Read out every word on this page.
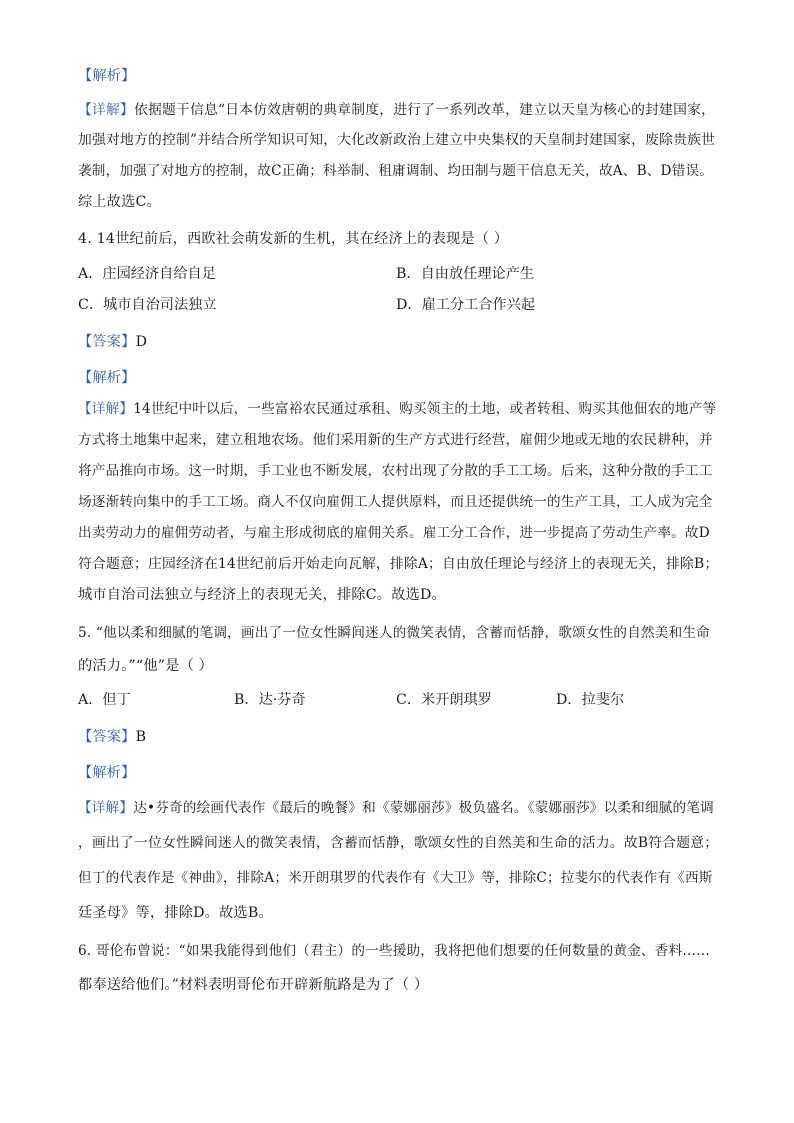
【解析】
【详解】依据题干信息“日本仿效唐朝的典章制度，进行了一系列改革，建立以天皇为核心的封建国家，
加强对地方的控制”并结合所学知识可知，大化改新政治上建立中央集权的天皇制封建国家，废除贵族世
袭制，加强了对地方的控制，故C正确；科举制、租庸调制、均田制与题干信息无关，故A、B、D错误。
综上故选C。
4. 14世纪前后，西欧社会萌发新的生机，其在经济上的表现是（ ）
A．庄园经济自给自足	B．自由放任理论产生
C．城市自治司法独立	D．雇工分工合作兴起
【答案】D
【解析】
【详解】14世纪中叶以后，一些富裕农民通过承租、购买领主的土地，或者转租、购买其他佃农的地产等
方式将土地集中起来，建立租地农场。他们采用新的生产方式进行经营，雇佣少地或无地的农民耕种，并
将产品推向市场。这一时期，手工业也不断发展，农村出现了分散的手工工场。后来，这种分散的手工工
场逐渐转向集中的手工工场。商人不仅向雇佣工人提供原料，而且还提供统一的生产工具，工人成为完全
出卖劳动力的雇佣劳动者，与雇主形成彻底的雇佣关系。雇工分工合作，进一步提高了劳动生产率。故D
符合题意；庄园经济在14世纪前后开始走向瓦解，排除A；自由放任理论与经济上的表现无关，排除B；
城市自治司法独立与经济上的表现无关，排除C。故选D。
5. “他以柔和细腻的笔调，画出了一位女性瞬间迷人的微笑表情，含蓄而恬静，歌颂女性的自然美和生命
的活力。”“他”是（ ）
A．但丁	B．达·芬奇	C．米开朗琪罗	D．拉斐尔
【答案】B
【解析】
【详解】达•芬奇的绘画代表作《最后的晚餐》和《蒙娜丽莎》极负盛名。《蒙娜丽莎》以柔和细腻的笔调
，画出了一位女性瞬间迷人的微笑表情，含蓄而恬静，歌颂女性的自然美和生命的活力。故B符合题意；
但丁的代表作是《神曲》，排除A；米开朗琪罗的代表作有《大卫》等，排除C；拉斐尔的代表作有《西斯
廷圣母》等，排除D。故选B。
6. 哥伦布曾说：“如果我能得到他们（君主）的一些援助，我将把他们想要的任何数量的黄金、香料……
都奉送给他们。”材料表明哥伦布开辟新航路是为了（ ）
